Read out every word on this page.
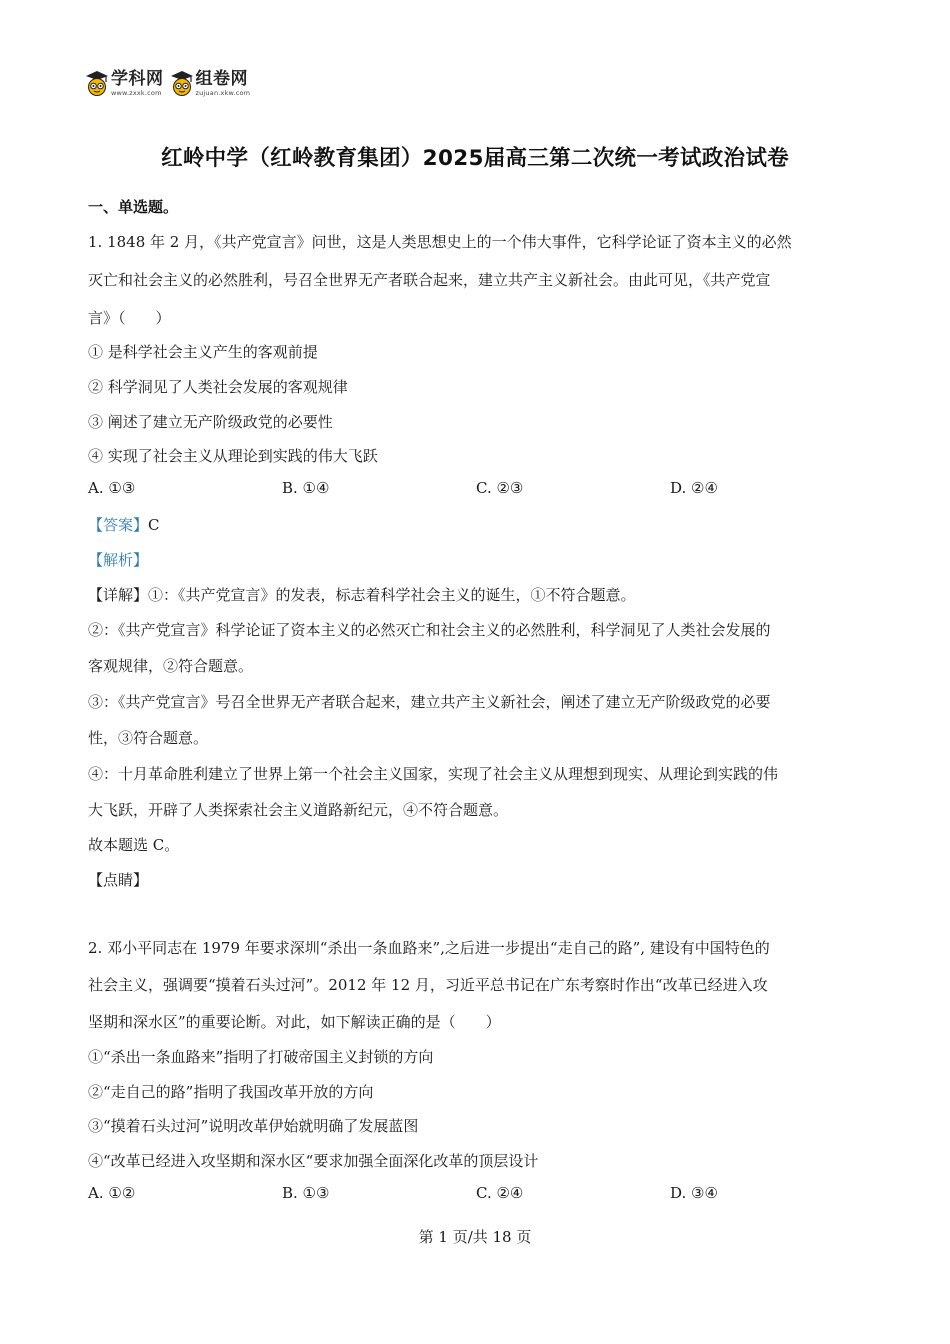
学科网
www.zxxk.com
组卷网
zujuan.xkw.com
红岭中学（红岭教育集团）2025届高三第二次统一考试政治试卷
一、单选题。
1. 1848 年 2 月，《共产党宣言》问世，这是人类思想史上的一个伟大事件，它科学论证了资本主义的必然
灭亡和社会主义的必然胜利，号召全世界无产者联合起来，建立共产主义新社会。由此可见，《共产党宣
言》（　　）
① 是科学社会主义产生的客观前提
② 科学洞见了人类社会发展的客观规律
③ 阐述了建立无产阶级政党的必要性
④ 实现了社会主义从理论到实践的伟大飞跃
A. ①③	B. ①④	C. ②③	D. ②④
【答案】C
【解析】
【详解】①：《共产党宣言》的发表，标志着科学社会主义的诞生，①不符合题意。
②：《共产党宣言》科学论证了资本主义的必然灭亡和社会主义的必然胜利，科学洞见了人类社会发展的
客观规律，②符合题意。
③：《共产党宣言》号召全世界无产者联合起来，建立共产主义新社会，阐述了建立无产阶级政党的必要
性，③符合题意。
④：十月革命胜利建立了世界上第一个社会主义国家，实现了社会主义从理想到现实、从理论到实践的伟
大飞跃，开辟了人类探索社会主义道路新纪元，④不符合题意。
故本题选 C。
【点睛】
2. 邓小平同志在 1979 年要求深圳“杀出一条血路来”,之后进一步提出“走自己的路”, 建设有中国特色的
社会主义，强调要“摸着石头过河”。2012 年 12 月，习近平总书记在广东考察时作出“改革已经进入攻
坚期和深水区”的重要论断。对此，如下解读正确的是（　　）
①“杀出一条血路来”指明了打破帝国主义封锁的方向
②“走自己的路”指明了我国改革开放的方向
③“摸着石头过河”说明改革伊始就明确了发展蓝图
④“改革已经进入攻坚期和深水区“要求加强全面深化改革的顶层设计
A. ①②	B. ①③	C. ②④	D. ③④
第 1 页/共 18 页
